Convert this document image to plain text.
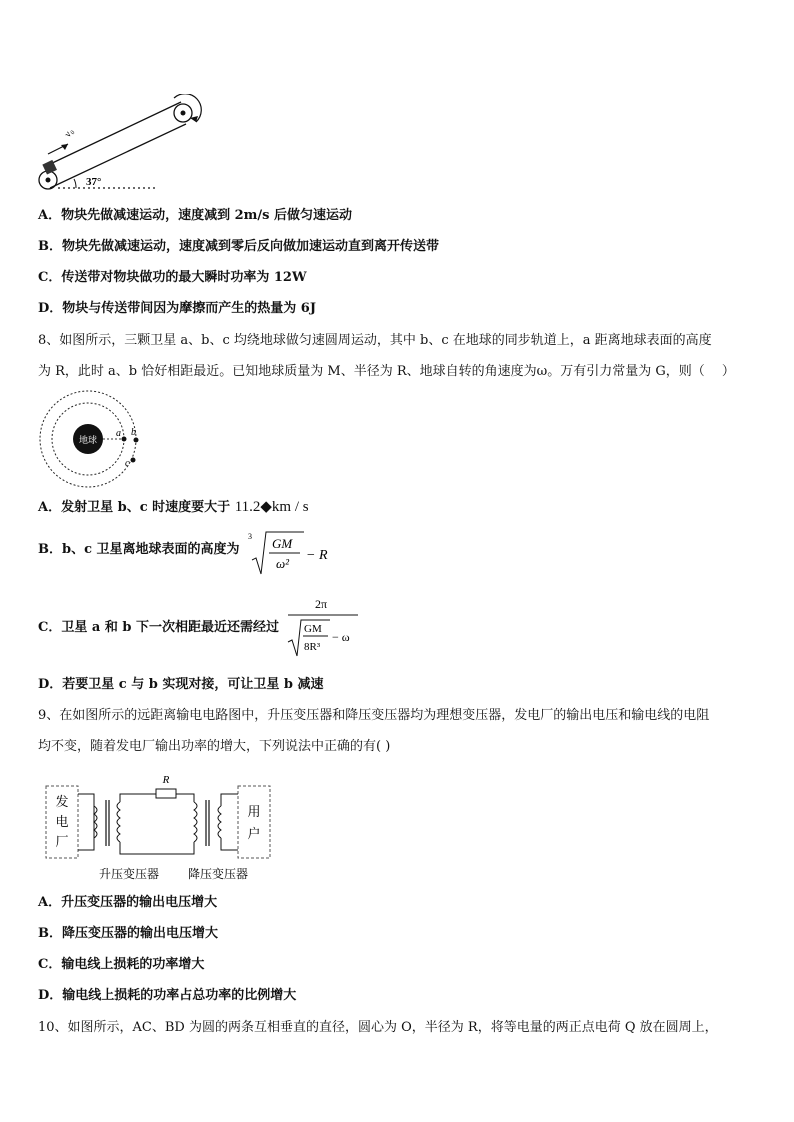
v₀
37°
A．物块先做减速运动，速度减到 2m/s 后做匀速运动
B．物块先做减速运动，速度减到零后反向做加速运动直到离开传送带
C．传送带对物块做功的最大瞬时功率为 12W
D．物块与传送带间因为摩擦而产生的热量为 6J
8、如图所示，三颗卫星 a、b、c 均绕地球做匀速圆周运动，其中 b、c 在地球的同步轨道上，a 距离地球表面的高度
为 R，此时 a、b 恰好相距最近。已知地球质量为 M、半径为 R、地球自转的角速度为ω。万有引力常量为 G，则（　 ）
地球
a b
c
A．发射卫星 b、c 时速度要大于 11.2◆km / s
B．b、c 卫星离地球表面的高度为
3 GM
ω²
− R
C．卫星 a 和 b 下一次相距最近还需经过
2π
GM
8R³
− ω
D．若要卫星 c 与 b 实现对接，可让卫星 b 减速
9、在如图所示的远距离输电电路图中，升压变压器和降压变压器均为理想变压器，发电厂的输出电压和输电线的电阻
均不变，随着发电厂输出功率的增大，下列说法中正确的有( )
发
电
厂
用
户
R
升压变压器 降压变压器
A．升压变压器的输出电压增大
B．降压变压器的输出电压增大
C．输电线上损耗的功率增大
D．输电线上损耗的功率占总功率的比例增大
10、如图所示，AC、BD 为圆的两条互相垂直的直径，圆心为 O，半径为 R，将等电量的两正点电荷 Q 放在圆周上，
